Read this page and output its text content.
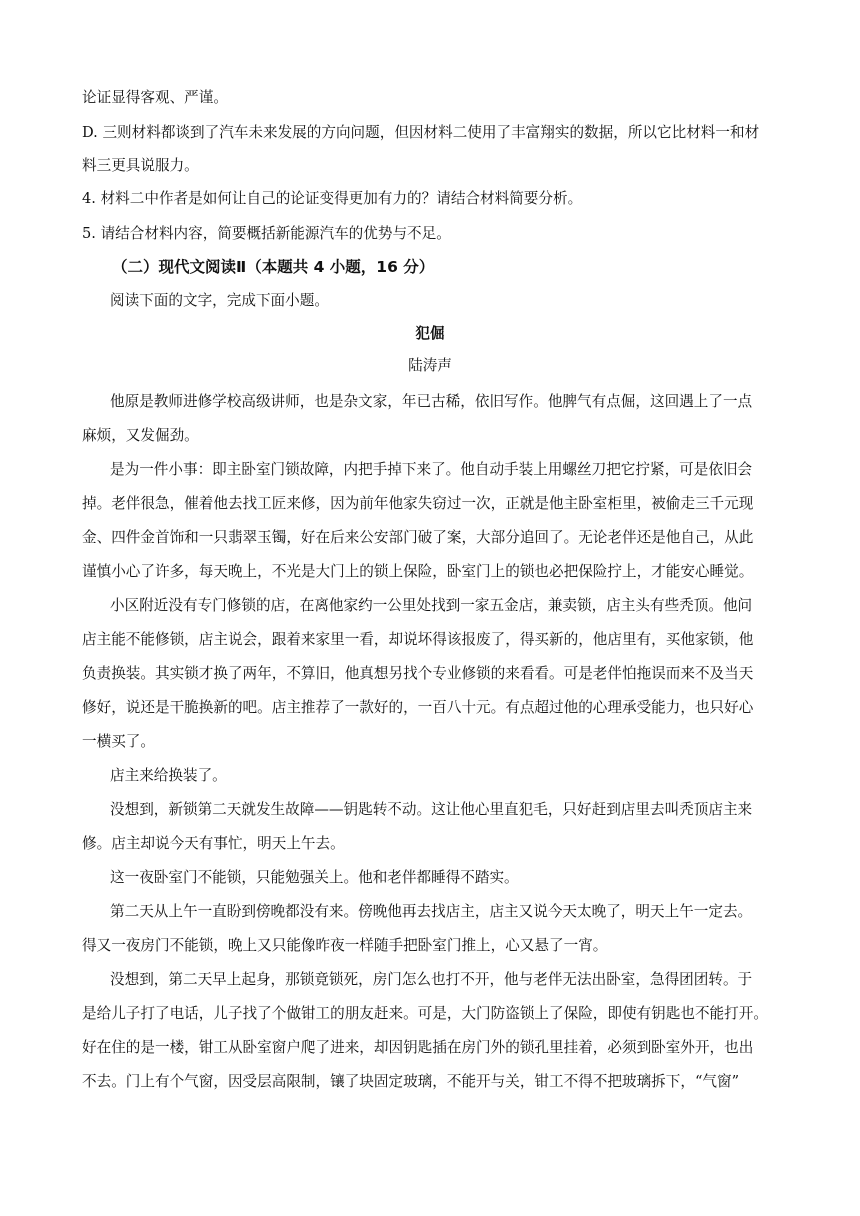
论证显得客观、严谨。
D. 三则材料都谈到了汽车未来发展的方向问题，但因材料二使用了丰富翔实的数据，所以它比材料一和材
料三更具说服力。
4. 材料二中作者是如何让自己的论证变得更加有力的？请结合材料简要分析。
5. 请结合材料内容，简要概括新能源汽车的优势与不足。
（二）现代文阅读Ⅱ（本题共 4 小题，16 分）
阅读下面的文字，完成下面小题。
犯倔
陆涛声
他原是教师进修学校高级讲师，也是杂文家，年已古稀，依旧写作。他脾气有点倔，这回遇上了一点
麻烦，又发倔劲。
是为一件小事：即主卧室门锁故障，内把手掉下来了。他自动手装上用螺丝刀把它拧紧，可是依旧会
掉。老伴很急，催着他去找工匠来修，因为前年他家失窃过一次，正就是他主卧室柜里，被偷走三千元现
金、四件金首饰和一只翡翠玉镯，好在后来公安部门破了案，大部分追回了。无论老伴还是他自己，从此
谨慎小心了许多，每天晚上，不光是大门上的锁上保险，卧室门上的锁也必把保险拧上，才能安心睡觉。
小区附近没有专门修锁的店，在离他家约一公里处找到一家五金店，兼卖锁，店主头有些秃顶。他问
店主能不能修锁，店主说会，跟着来家里一看，却说坏得该报废了，得买新的，他店里有，买他家锁，他
负责换装。其实锁才换了两年，不算旧，他真想另找个专业修锁的来看看。可是老伴怕拖误而来不及当天
修好，说还是干脆换新的吧。店主推荐了一款好的，一百八十元。有点超过他的心理承受能力，也只好心
一横买了。
店主来给换装了。
没想到，新锁第二天就发生故障——钥匙转不动。这让他心里直犯毛，只好赶到店里去叫秃顶店主来
修。店主却说今天有事忙，明天上午去。
这一夜卧室门不能锁，只能勉强关上。他和老伴都睡得不踏实。
第二天从上午一直盼到傍晚都没有来。傍晚他再去找店主，店主又说今天太晚了，明天上午一定去。
得又一夜房门不能锁，晚上又只能像昨夜一样随手把卧室门推上，心又悬了一宵。
没想到，第二天早上起身，那锁竟锁死，房门怎么也打不开，他与老伴无法出卧室，急得团团转。于
是给儿子打了电话，儿子找了个做钳工的朋友赶来。可是，大门防盗锁上了保险，即使有钥匙也不能打开。
好在住的是一楼，钳工从卧室窗户爬了进来，却因钥匙插在房门外的锁孔里挂着，必须到卧室外开，也出
不去。门上有个气窗，因受层高限制，镶了块固定玻璃，不能开与关，钳工不得不把玻璃拆下，“气窗”
